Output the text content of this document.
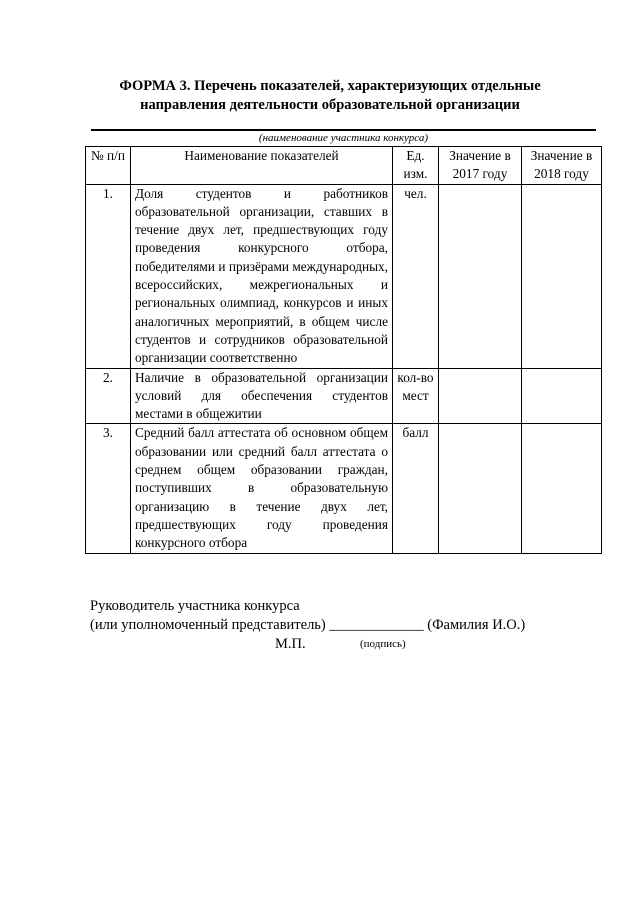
ФОРМА 3. Перечень показателей, характеризующих отдельные
направления деятельности образовательной организации
(наименование участника конкурса)
№ п/п	Наименование показателей	Ед. изм.	Значение в 2017 году	Значение в 2018 году
1.	Доля студентов и работников образовательной организации, ставших в течение двух лет, предшествующих году проведения конкурсного отбора, победителями и призёрами международных, всероссийских, межрегиональных и региональных олимпиад, конкурсов и иных аналогичных мероприятий, в общем числе студентов и сотрудников образовательной организации соответственно	чел.		
2.	Наличие в образовательной организации условий для обеспечения студентов местами в общежитии	кол-во мест		
3.	Средний балл аттестата об основном общем образовании или средний балл аттестата о среднем общем образовании граждан, поступивших в образовательную организацию в течение двух лет, предшествующих году проведения конкурсного отбора	балл		
Руководитель участника конкурса
(или уполномоченный представитель) _____________ (Фамилия И.О.)
М.П.	(подпись)
